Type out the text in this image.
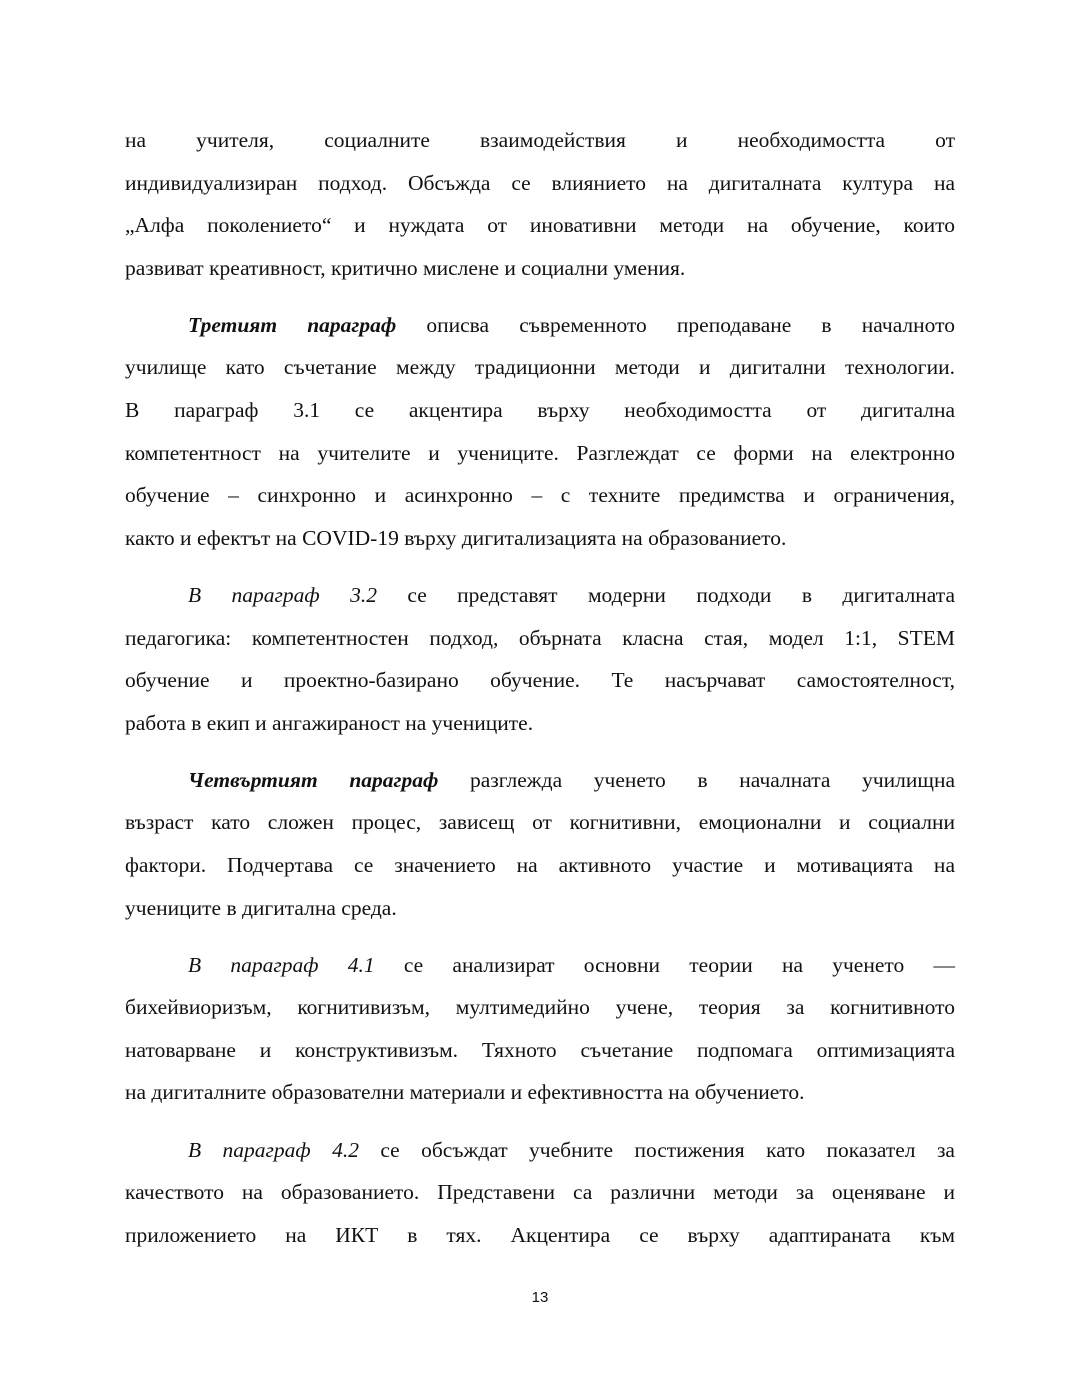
на учителя, социалните взаимодействия и необходимостта от
индивидуализиран подход. Обсъжда се влиянието на дигиталната култура на
„Алфа поколението“ и нуждата от иновативни методи на обучение, които
развиват креативност, критично мислене и социални умения.
Третият параграф описва съвременното преподаване в началното
училище като съчетание между традиционни методи и дигитални технологии.
В параграф 3.1 се акцентира върху необходимостта от дигитална
компетентност на учителите и учениците. Разглеждат се форми на електронно
обучение – синхронно и асинхронно – с техните предимства и ограничения,
както и ефектът на COVID-19 върху дигитализацията на образованието.
В параграф 3.2 се представят модерни подходи в дигиталната
педагогика: компетентностен подход, обърната класна стая, модел 1:1, STEM
обучение и проектно-базирано обучение. Те насърчават самостоятелност,
работа в екип и ангажираност на учениците.
Четвъртият параграф разглежда ученето в началната училищна
възраст като сложен процес, зависещ от когнитивни, емоционални и социални
фактори. Подчертава се значението на активното участие и мотивацията на
учениците в дигитална среда.
В параграф 4.1 се анализират основни теории на ученето —
бихейвиоризъм, когнитивизъм, мултимедийно учене, теория за когнитивното
натоварване и конструктивизъм. Тяхното съчетание подпомага оптимизацията
на дигиталните образователни материали и ефективността на обучението.
В параграф 4.2 се обсъждат учебните постижения като показател за
качеството на образованието. Представени са различни методи за оценяване и
приложението на ИКТ в тях. Акцентира се върху адаптираната към
13
